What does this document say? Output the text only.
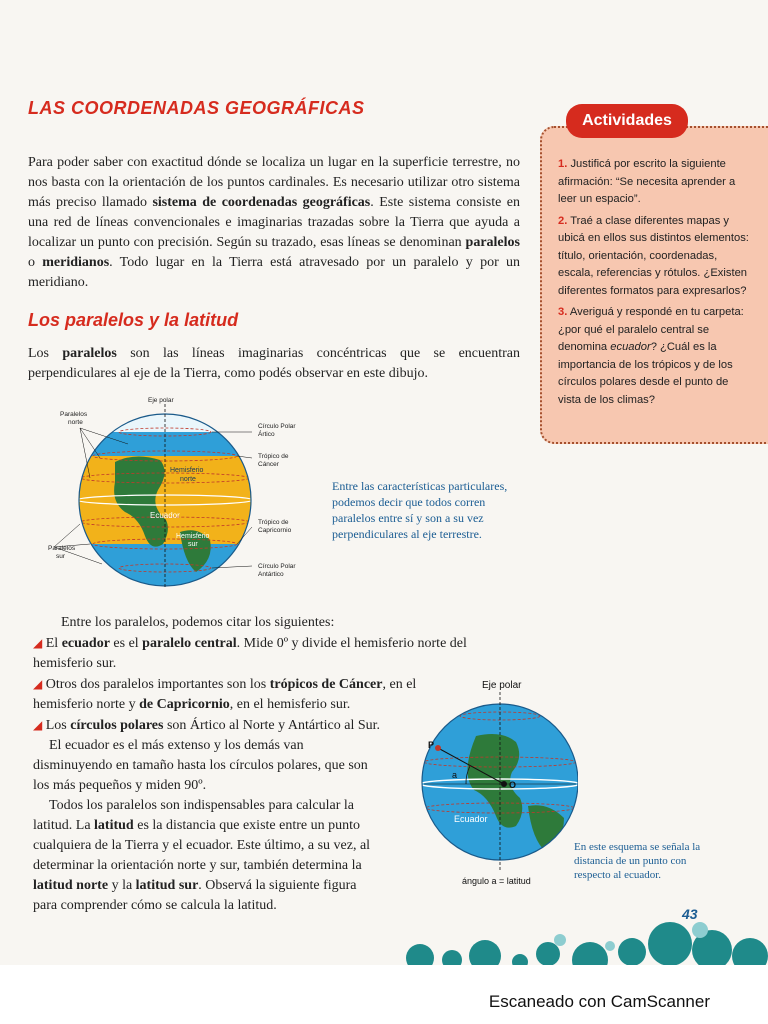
LAS COORDENADAS GEOGRÁFICAS
Para poder saber con exactitud dónde se localiza un lugar en la superficie terrestre, no nos basta con la orientación de los puntos cardinales. Es necesario utilizar otro sistema más preciso llamado sistema de coordenadas geográficas. Este sistema consiste en una red de líneas convencionales e imaginarias trazadas sobre la Tierra que ayuda a localizar un punto con precisión. Según su trazado, esas líneas se denominan paralelos o meridianos. Todo lugar en la Tierra está atravesado por un paralelo y por un meridiano.
Los paralelos y la latitud
Los paralelos son las líneas imaginarias concéntricas que se encuentran perpendiculares al eje de la Tierra, como podés observar en este dibujo.
Actividades
1. Justificá por escrito la siguiente afirmación: “Se necesita aprender a leer un espacio”.
2. Traé a clase diferentes mapas y ubicá en ellos sus distintos elementos: título, orientación, coordenadas, escala, referencias y rótulos. ¿Existen diferentes formatos para expresarlos?
3. Averiguá y respondé en tu carpeta: ¿por qué el paralelo central se denomina ecuador? ¿Cuál es la importancia de los trópicos y de los círculos polares desde el punto de vista de los climas?
Eje polar
Paralelos
norte
Paralelos
sur
Hemisferio
norte
Ecuador
Hemisferio
sur
Círculo Polar
Ártico
Trópico de
Cáncer
Trópico de
Capricornio
Círculo Polar
Antártico
Entre las características particulares, podemos decir que todos corren paralelos entre sí y son a su vez perpendiculares al eje terrestre.

Entre los paralelos, podemos citar los siguientes:

◢ El ecuador es el paralelo central. Mide 0º y divide el hemisferio norte del hemisferio sur.

◢ Otros dos paralelos importantes son los trópicos de Cáncer, en el hemisferio norte y de Capricornio, en el hemisferio sur.

◢ Los círculos polares son Ártico al Norte y Antártico al Sur.

El ecuador es el más extenso y los demás van disminuyendo en tamaño hasta los círculos polares, que son los más pequeños y miden 90º.

Todos los paralelos son indispensables para calcular la latitud. La latitud es la distancia que existe entre un punto cualquiera de la Tierra y el ecuador. Este último, a su vez, al determinar la orientación norte y sur, también determina la latitud norte y la latitud sur. Observá la siguiente figura para comprender cómo se calcula la latitud.

Eje polar
P
a
O
Ecuador
ángulo a = latitud
En este esquema se señala la distancia de un punto con respecto al ecuador.
43
Escaneado con CamScanner
